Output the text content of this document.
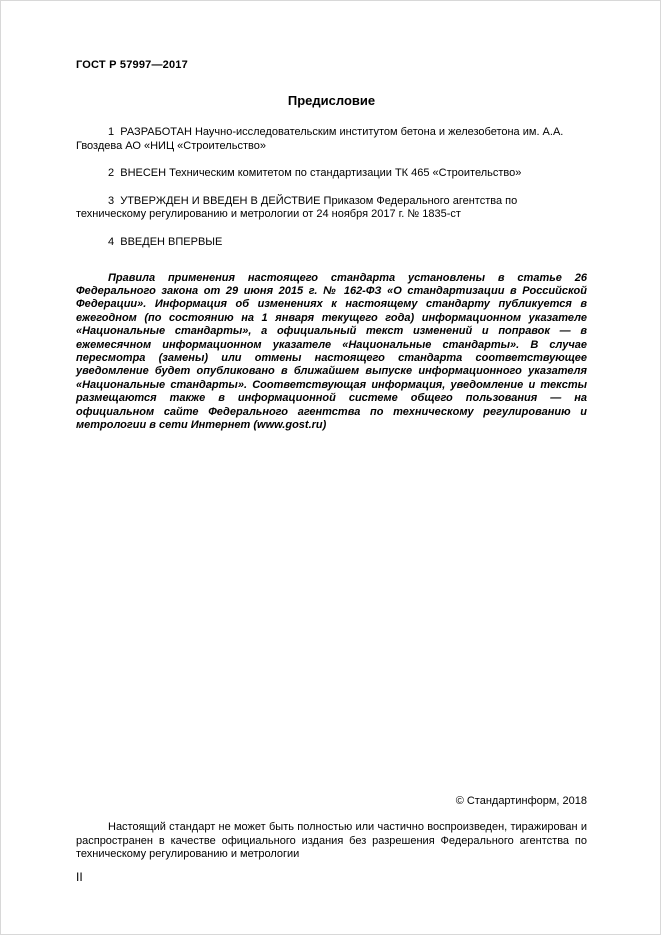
ГОСТ Р 57997—2017
Предисловие

1  РАЗРАБОТАН Научно-исследовательским институтом бетона и железобетона им. А.А. Гвоздева АО «НИЦ «Строительство»

2  ВНЕСЕН Техническим комитетом по стандартизации ТК 465 «Строительство»

3  УТВЕРЖДЕН И ВВЕДЕН В ДЕЙСТВИЕ Приказом Федерального агентства по техническому регулированию и метрологии от 24 ноября 2017 г. № 1835-ст

4  ВВЕДЕН ВПЕРВЫЕ

Правила применения настоящего стандарта установлены в статье 26 Федерального закона от 29 июня 2015 г. № 162-ФЗ «О стандартизации в Российской Федерации». Информация об изменениях к настоящему стандарту публикуется в ежегодном (по состоянию на 1 января текущего года) информационном указателе «Национальные стандарты», а официальный текст изменений и поправок — в ежемесячном информационном указателе «Национальные стандарты». В случае пересмотра (замены) или отмены настоящего стандарта соответствующее уведомление будет опубликовано в ближайшем выпуске информационного указателя «Национальные стандарты». Соответствующая информация, уведомление и тексты размещаются также в информационной системе общего пользования — на официальном сайте Федерального агентства по техническому регулированию и метрологии в сети Интернет (www.gost.ru)

© Стандартинформ, 2018

Настоящий стандарт не может быть полностью или частично воспроизведен, тиражирован и распространен в качестве официального издания без разрешения Федерального агентства по техническому регулированию и метрологии

II
